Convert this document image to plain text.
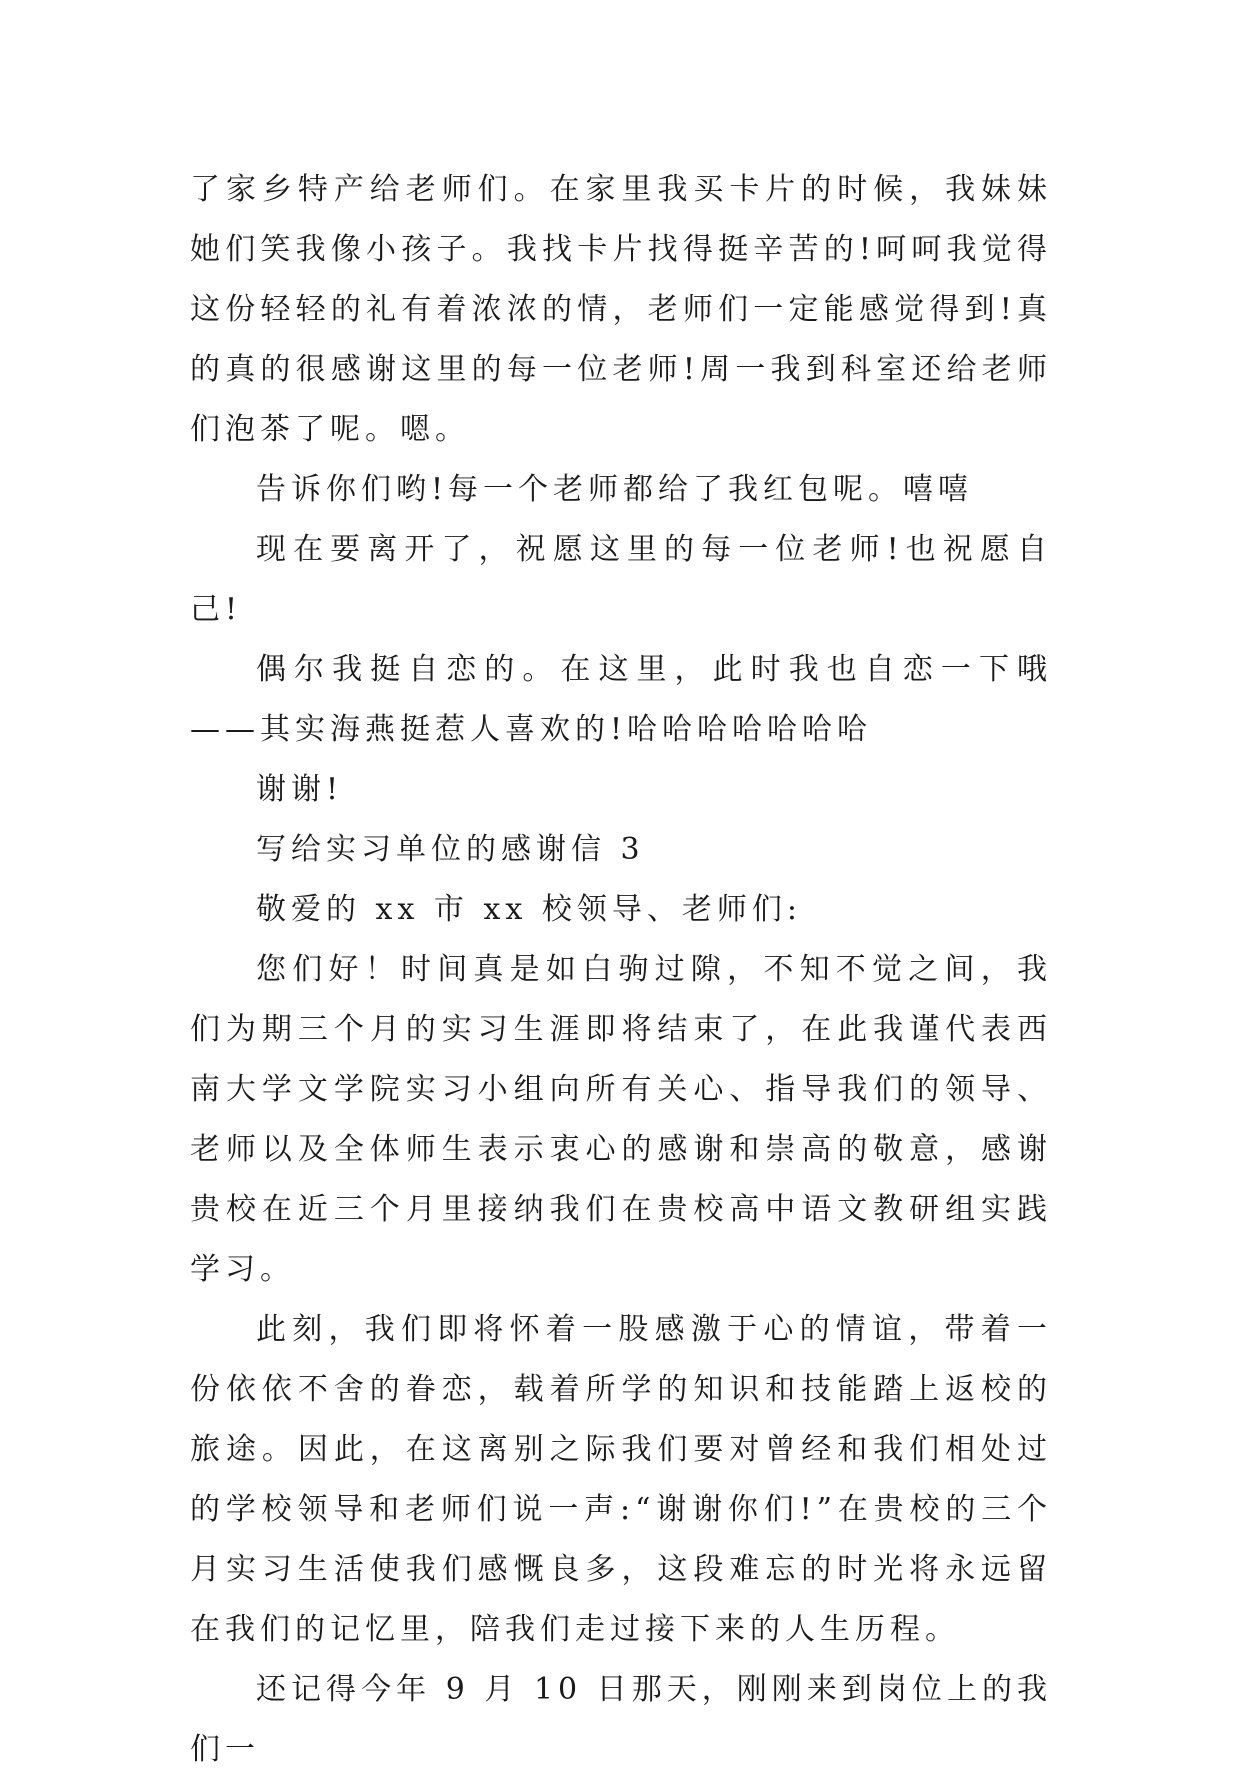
了家乡特产给老师们。在家里我买卡片的时候，我妹妹她们笑我像小孩子。我找卡片找得挺辛苦的!呵呵我觉得这份轻轻的礼有着浓浓的情，老师们一定能感觉得到!真的真的很感谢这里的每一位老师!周一我到科室还给老师们泡茶了呢。嗯。

告诉你们哟!每一个老师都给了我红包呢。嘻嘻

现在要离开了，祝愿这里的每一位老师!也祝愿自己!

偶尔我挺自恋的。在这里，此时我也自恋一下哦——其实海燕挺惹人喜欢的!哈哈哈哈哈哈哈

谢谢!

写给实习单位的感谢信 3

敬爱的 xx 市 xx 校领导、老师们:

您们好！时间真是如白驹过隙，不知不觉之间，我们为期三个月的实习生涯即将结束了，在此我谨代表西南大学文学院实习小组向所有关心、指导我们的领导、老师以及全体师生表示衷心的感谢和崇高的敬意，感谢贵校在近三个月里接纳我们在贵校高中语文教研组实践学习。

此刻，我们即将怀着一股感激于心的情谊，带着一份依依不舍的眷恋，载着所学的知识和技能踏上返校的旅途。因此，在这离别之际我们要对曾经和我们相处过的学校领导和老师们说一声:“谢谢你们!”在贵校的三个月实习生活使我们感慨良多，这段难忘的时光将永远留在我们的记忆里，陪我们走过接下来的人生历程。

还记得今年 9 月 10 日那天，刚刚来到岗位上的我们一
